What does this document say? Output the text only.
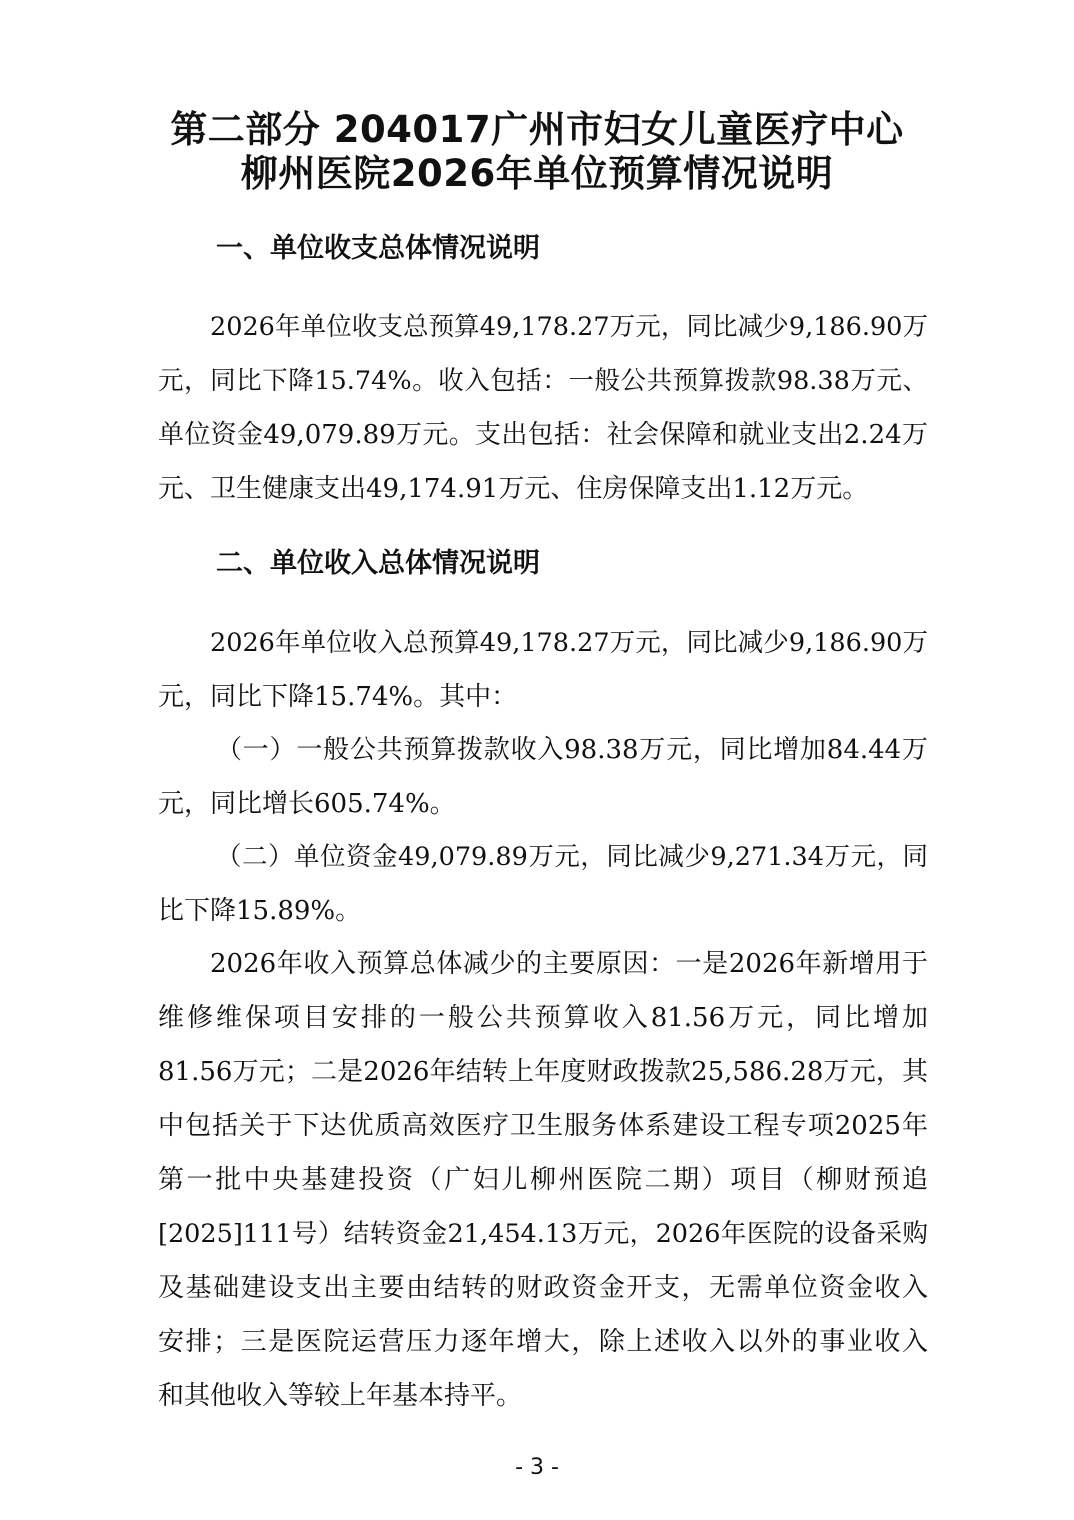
第二部分 204017广州市妇女儿童医疗中心
柳州医院2026年单位预算情况说明
一、单位收支总体情况说明
2026年单位收支总预算49,178.27万元，同比减少9,186.90万
元，同比下降15.74%。收入包括：一般公共预算拨款98.38万元、
单位资金49,079.89万元。支出包括：社会保障和就业支出2.24万
元、卫生健康支出49,174.91万元、住房保障支出1.12万元。
二、单位收入总体情况说明
2026年单位收入总预算49,178.27万元，同比减少9,186.90万
元，同比下降15.74%。其中：
（一）一般公共预算拨款收入98.38万元，同比增加84.44万
元，同比增长605.74%。
（二）单位资金49,079.89万元，同比减少9,271.34万元，同
比下降15.89%。
2026年收入预算总体减少的主要原因：一是2026年新增用于
维修维保项目安排的一般公共预算收入81.56万元，同比增加
81.56万元；二是2026年结转上年度财政拨款25,586.28万元，其
中包括关于下达优质高效医疗卫生服务体系建设工程专项2025年
第一批中央基建投资（广妇儿柳州医院二期）项目（柳财预追
[2025]111号）结转资金21,454.13万元，2026年医院的设备采购
及基础建设支出主要由结转的财政资金开支，无需单位资金收入
安排；三是医院运营压力逐年增大，除上述收入以外的事业收入
和其他收入等较上年基本持平。
- 3 -
